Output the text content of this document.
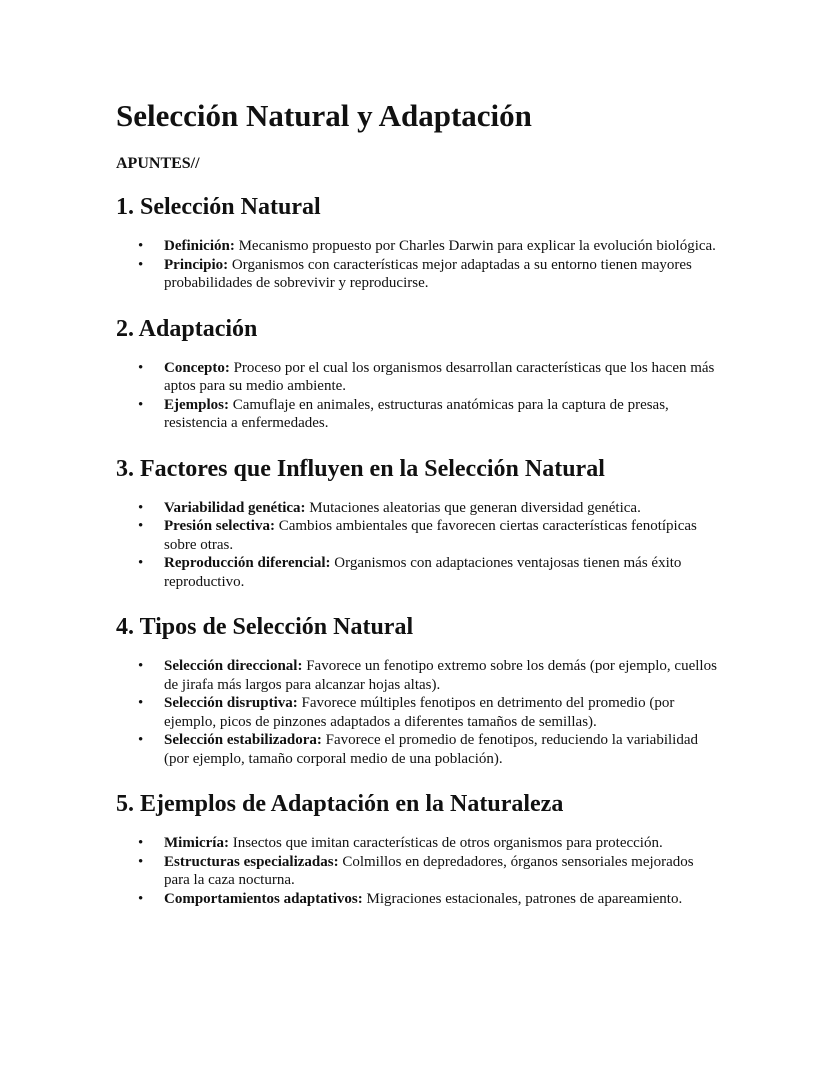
Selección Natural y Adaptación
APUNTES//
1. Selección Natural
• Definición: Mecanismo propuesto por Charles Darwin para explicar la evolución biológica.
• Principio: Organismos con características mejor adaptadas a su entorno tienen mayores probabilidades de sobrevivir y reproducirse.
2. Adaptación
• Concepto: Proceso por el cual los organismos desarrollan características que los hacen más aptos para su medio ambiente.
• Ejemplos: Camuflaje en animales, estructuras anatómicas para la captura de presas, resistencia a enfermedades.
3. Factores que Influyen en la Selección Natural
• Variabilidad genética: Mutaciones aleatorias que generan diversidad genética.
• Presión selectiva: Cambios ambientales que favorecen ciertas características fenotípicas sobre otras.
• Reproducción diferencial: Organismos con adaptaciones ventajosas tienen más éxito reproductivo.
4. Tipos de Selección Natural
• Selección direccional: Favorece un fenotipo extremo sobre los demás (por ejemplo, cuellos de jirafa más largos para alcanzar hojas altas).
• Selección disruptiva: Favorece múltiples fenotipos en detrimento del promedio (por ejemplo, picos de pinzones adaptados a diferentes tamaños de semillas).
• Selección estabilizadora: Favorece el promedio de fenotipos, reduciendo la variabilidad (por ejemplo, tamaño corporal medio de una población).
5. Ejemplos de Adaptación en la Naturaleza
• Mimicría: Insectos que imitan características de otros organismos para protección.
• Estructuras especializadas: Colmillos en depredadores, órganos sensoriales mejorados para la caza nocturna.
• Comportamientos adaptativos: Migraciones estacionales, patrones de apareamiento.
